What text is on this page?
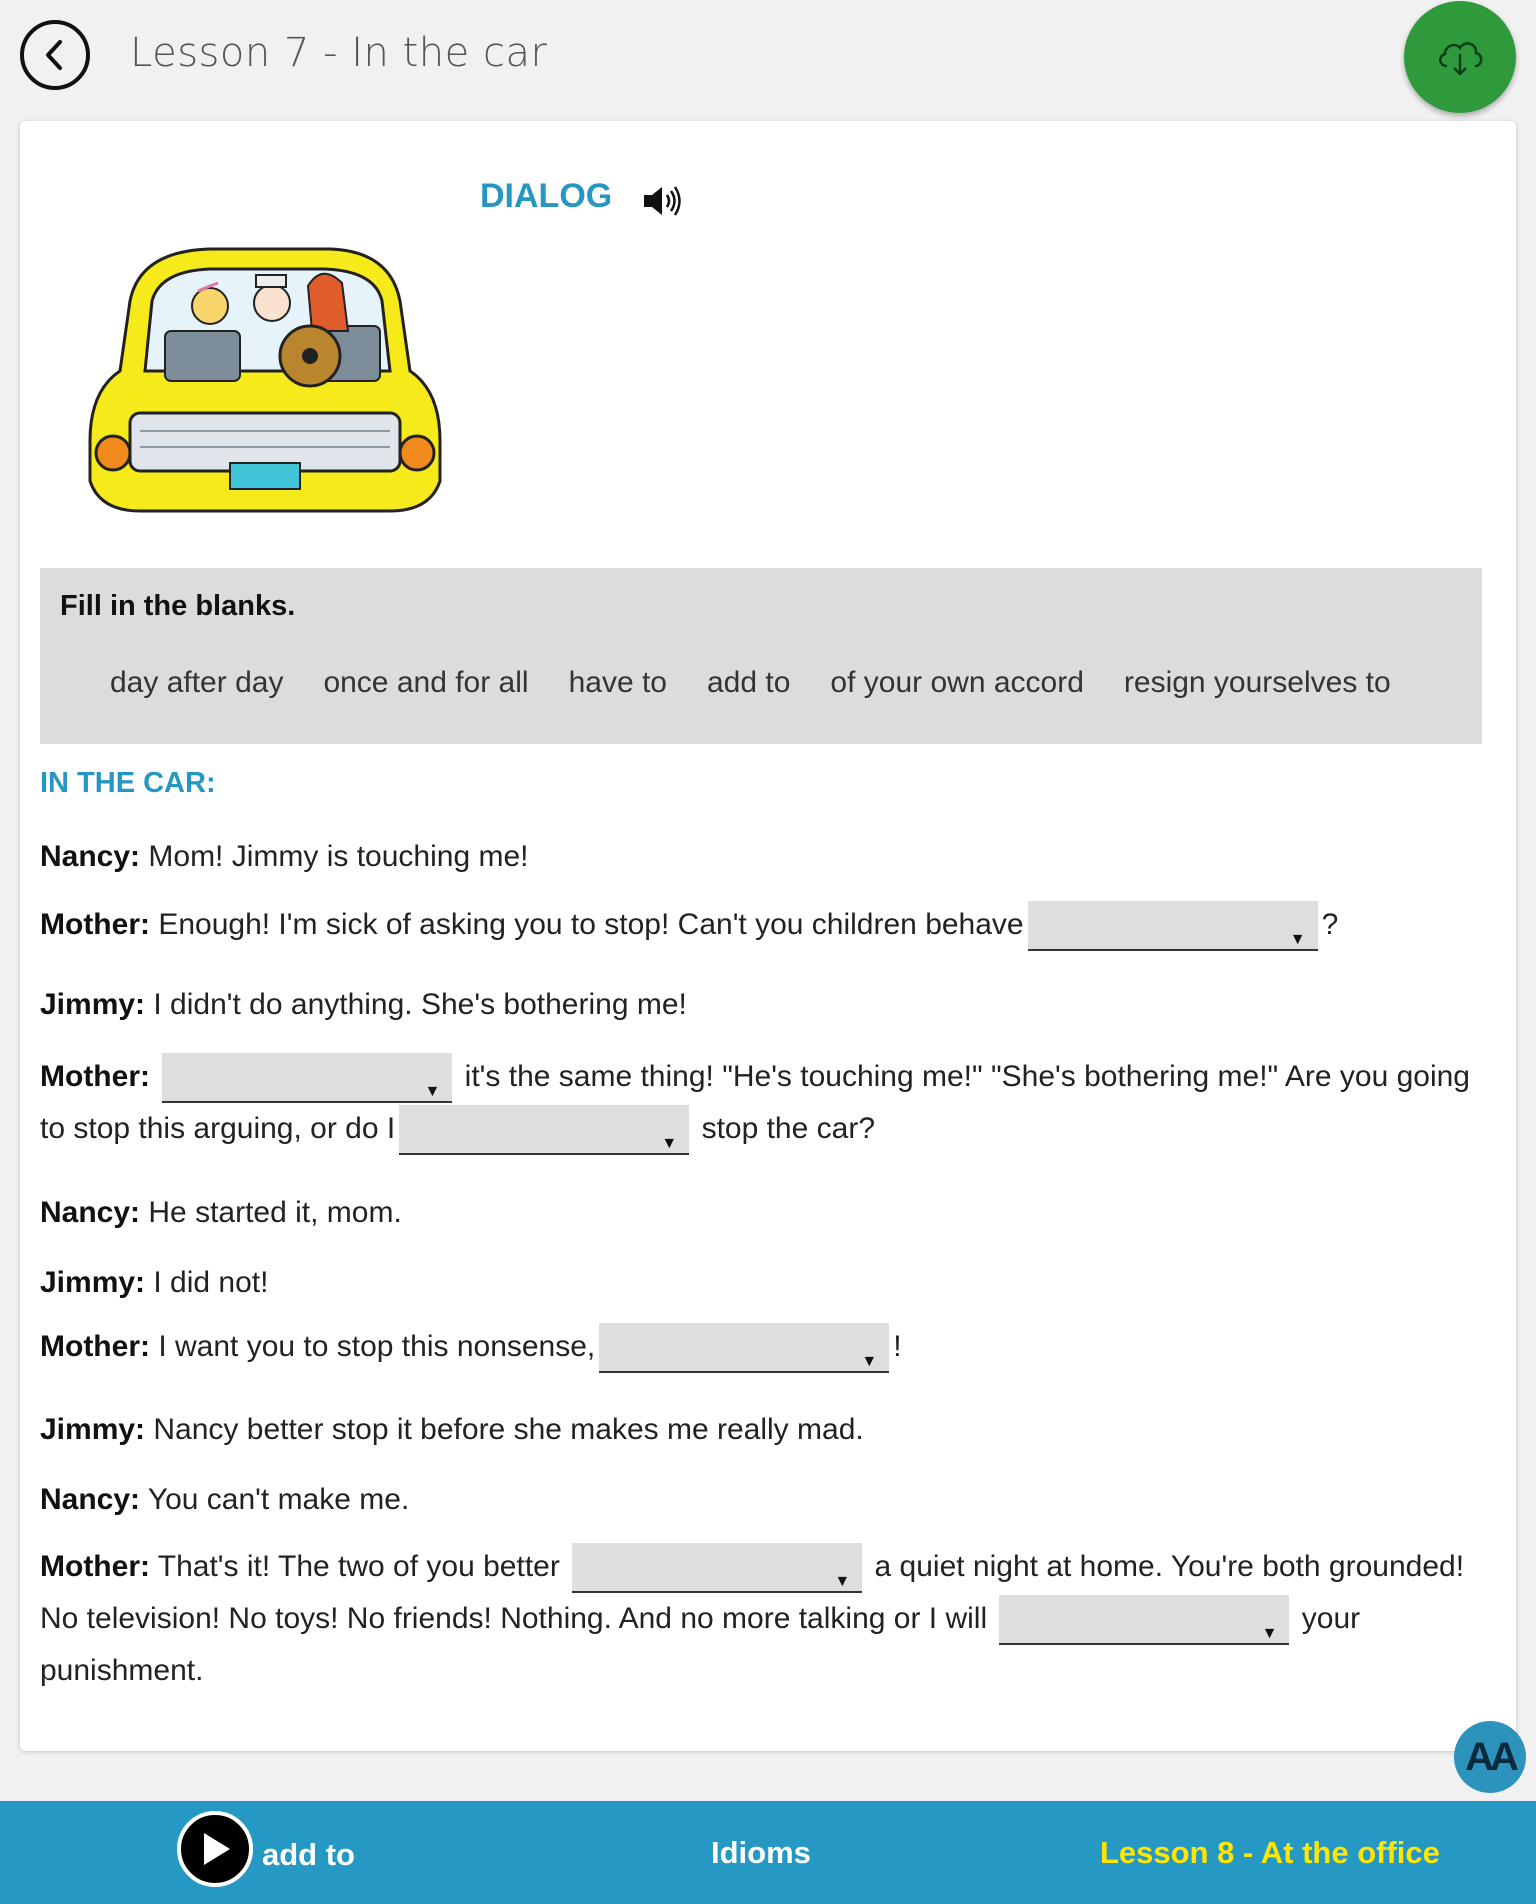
Lesson 7 - In the car
DIALOG
Fill in the blanks.
day after day once and for all have to add to of your own accord resign yourselves to
IN THE CAR:
Nancy: Mom! Jimmy is touching me!
Mother: Enough! I'm sick of asking you to stop! Can't you children behave ▼	?
Jimmy: I didn't do anything. She's bothering me!
Mother: ▼	it's the same thing! "He's touching me!" "She's bothering me!" Are you going to stop this arguing, or do I ▼	stop the car?
Nancy: He started it, mom.
Jimmy: I did not!
Mother: I want you to stop this nonsense, ▼	!
Jimmy: Nancy better stop it before she makes me really mad.
Nancy: You can't make me.
Mother: That's it! The two of you better ▼	a quiet night at home. You're both grounded! No television! No toys! No friends! Nothing. And no more talking or I will ▼	your punishment.
AA
add to	Idioms	Lesson 8 - At the office
